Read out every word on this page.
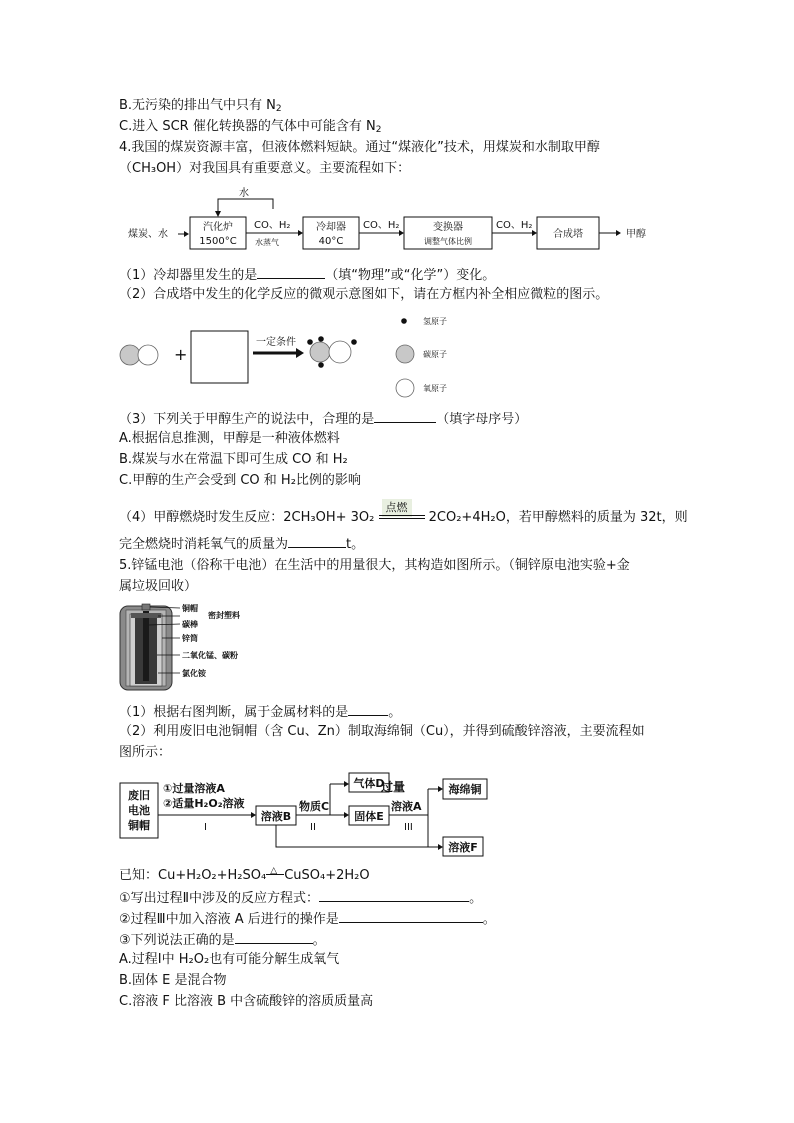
B.无污染的排出气中只有 $N_2$
C.进入 SCR 催化转换器的气体中可能含有 $N_2$
4.我国的煤炭资源丰富，但液体燃料短缺。通过“煤液化”技术，用煤炭和水制取甲醇
（CH₃OH）对我国具有重要意义。主要流程如下：
水
煤炭、水
汽化炉
1500°C
CO、H₂
水蒸气
冷却器
40°C
CO、H₂	变换器
调整气体比例
CO、H₂
合成塔	甲醇
（1）冷却器里发生的是	（填“物理”或“化学”）变化。
（2）合成塔中发生的化学反应的微观示意图如下，请在方框内补全相应微粒的图示。
+
一定条件
氢原子
碳原子
氧原子
（3）下列关于甲醇生产的说法中，合理的是	（填字母序号）
A.根据信息推测，甲醇是一种液体燃料
B.煤炭与水在常温下即可生成 CO 和 H₂
C.甲醇的生产会受到 CO 和 H₂比例的影响
（4）甲醇燃烧时发生反应：2CH₃OH+ 3O₂
点燃
2CO₂+4H₂O，若甲醇燃料的质量为 32t，则
完全燃烧时消耗氧气的质量为	t。
5.锌锰电池（俗称干电池）在生活中的用量很大，其构造如图所示。（铜锌原电池实验+金
属垃圾回收）
铜帽
密封塑料
碳棒
锌筒
二氧化锰、碳粉
氯化铵
（1）根据右图判断，属于金属材料的是	。
（2）利用废旧电池铜帽（含 Cu、Zn）制取海绵铜（Cu），并得到硫酸锌溶液，主要流程如
图所示：
废旧
电池
铜帽
①过量溶液A
②适量H₂O₂溶液
I
溶液B
物质C
II
气体D
过量
固体E
溶液A
III
海绵铜
溶液F
已知：Cu+H₂O₂+H₂SO₄ △ CuSO₄+2H₂O
①写出过程Ⅱ中涉及的反应方程式：	。
②过程Ⅲ中加入溶液 A 后进行的操作是	。
③下列说法正确的是	。
A.过程Ⅰ中 H₂O₂也有可能分解生成氧气
B.固体 E 是混合物
C.溶液 F 比溶液 B 中含硫酸锌的溶质质量高
